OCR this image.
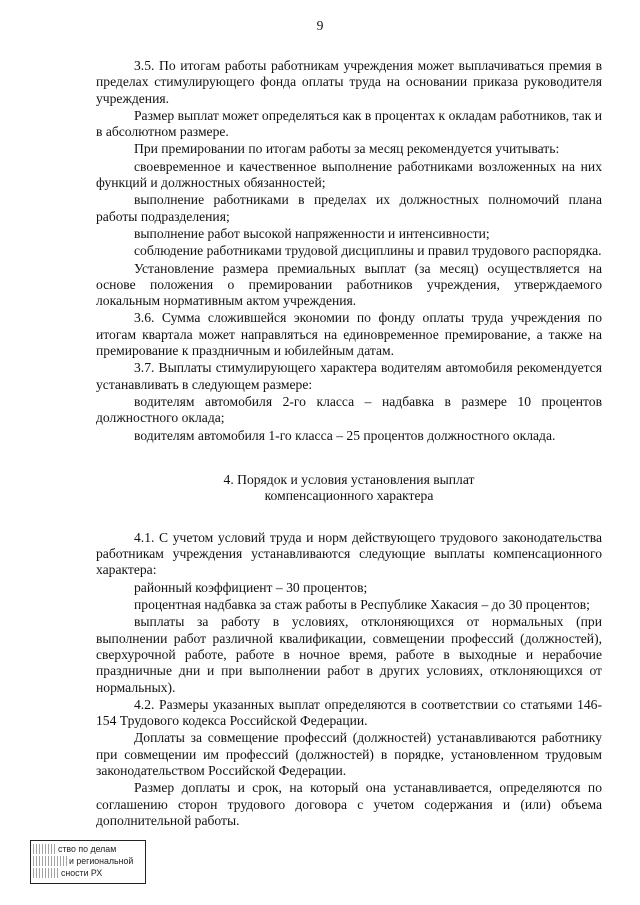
9

3.5. По итогам работы работникам учреждения может выплачиваться премия в пределах стимулирующего фонда оплаты труда на основании приказа руководителя учреждения.

Размер выплат может определяться как в процентах к окладам работников, так и в абсолютном размере.

При премировании по итогам работы за месяц рекомендуется учитывать:

своевременное и качественное выполнение работниками возложенных на них функций и должностных обязанностей;

выполнение работниками в пределах их должностных полномочий плана работы подразделения;

выполнение работ высокой напряженности и интенсивности;

соблюдение работниками трудовой дисциплины и правил трудового распорядка.

Установление размера премиальных выплат (за месяц) осуществляется на основе положения о премировании работников учреждения, утверждаемого локальным нормативным актом учреждения.

3.6. Сумма сложившейся экономии по фонду оплаты труда учреждения по итогам квартала может направляться на единовременное премирование, а также на премирование к праздничным и юбилейным датам.

3.7. Выплаты стимулирующего характера водителям автомобиля рекомендуется устанавливать в следующем размере:

водителям автомобиля 2-го класса – надбавка в размере 10 процентов должностного оклада;

водителям автомобиля 1-го класса – 25 процентов должностного оклада.

4. Порядок и условия установления выплат
компенсационного характера

4.1. С учетом условий труда и норм действующего трудового законодательства работникам учреждения устанавливаются следующие выплаты компенсационного характера:

районный коэффициент – 30 процентов;

процентная надбавка за стаж работы в Республике Хакасия – до 30 процентов;

выплаты за работу в условиях, отклоняющихся от нормальных (при выполнении работ различной квалификации, совмещении профессий (должностей), сверхурочной работе, работе в ночное время, работе в выходные и нерабочие праздничные дни и при выполнении работ в других условиях, отклоняющихся от нормальных).

4.2. Размеры указанных выплат определяются в соответствии со статьями 146-154 Трудового кодекса Российской Федерации.

Доплаты за совмещение профессий (должностей) устанавливаются работнику при совмещении им профессий (должностей) в порядке, установленном трудовым законодательством Российской Федерации.

Размер доплаты и срок, на который она устанавливается, определяются по соглашению сторон трудового договора с учетом содержания и (или) объема дополнительной работы.

ство по делам
и региональной
сности РХ
